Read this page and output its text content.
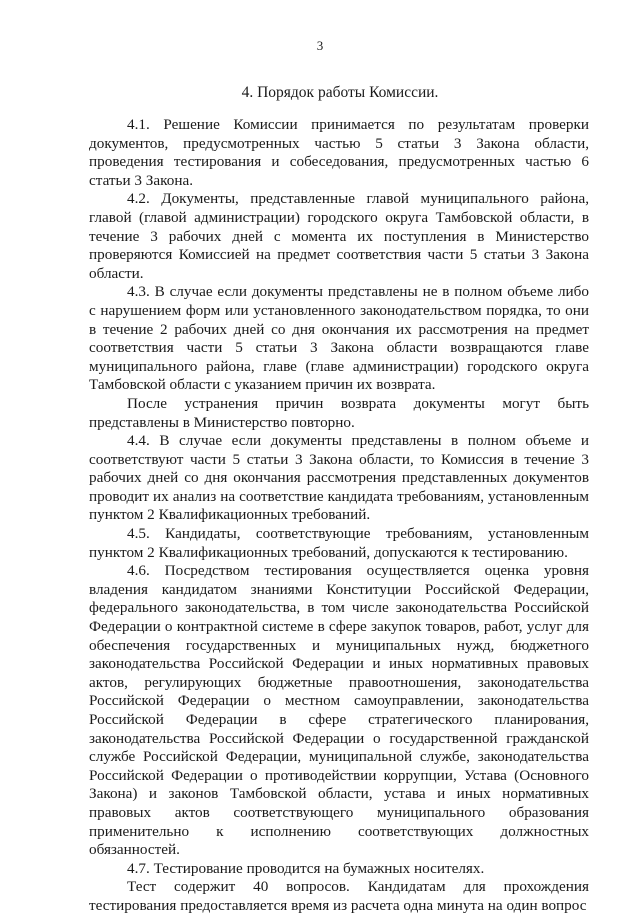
3
4. Порядок работы Комиссии.

4.1. Решение Комиссии принимается по результатам проверки документов, предусмотренных частью 5 статьи 3 Закона области, проведения тестирования и собеседования, предусмотренных частью 6 статьи 3 Закона.

4.2. Документы, представленные главой муниципального района, главой (главой администрации) городского округа Тамбовской области, в течение 3 рабочих дней с момента их поступления в Министерство проверяются Комиссией на предмет соответствия части 5 статьи 3 Закона области.

4.3. В случае если документы представлены не в полном объеме либо с нарушением форм или установленного законодательством порядка, то они в течение 2 рабочих дней со дня окончания их рассмотрения на предмет соответствия части 5 статьи 3 Закона области возвращаются главе муниципального района, главе (главе администрации) городского округа Тамбовской области с указанием причин их возврата.

После устранения причин возврата документы могут быть представлены в Министерство повторно.

4.4. В случае если документы представлены в полном объеме и соответствуют части 5 статьи 3 Закона области, то Комиссия в течение 3 рабочих дней со дня окончания рассмотрения представленных документов проводит их анализ на соответствие кандидата требованиям, установленным пунктом 2 Квалификационных требований.

4.5. Кандидаты, соответствующие требованиям, установленным пунктом 2 Квалификационных требований, допускаются к тестированию.

4.6. Посредством тестирования осуществляется оценка уровня владения кандидатом знаниями Конституции Российской Федерации, федерального законодательства, в том числе законодательства Российской Федерации о контрактной системе в сфере закупок товаров, работ, услуг для обеспечения государственных и муниципальных нужд, бюджетного законодательства Российской Федерации и иных нормативных правовых актов, регулирующих бюджетные правоотношения, законодательства Российской Федерации о местном самоуправлении, законодательства Российской Федерации в сфере стратегического планирования, законодательства Российской Федерации о государственной гражданской службе Российской Федерации, муниципальной службе, законодательства Российской Федерации о противодействии коррупции, Устава (Основного Закона) и законов Тамбовской области, устава и иных нормативных правовых актов соответствующего муниципального образования применительно к исполнению соответствующих должностных обязанностей.

4.7. Тестирование проводится на бумажных носителях.

Тест содержит 40 вопросов. Кандидатам для прохождения тестирования предоставляется время из расчета одна минута на один вопрос
